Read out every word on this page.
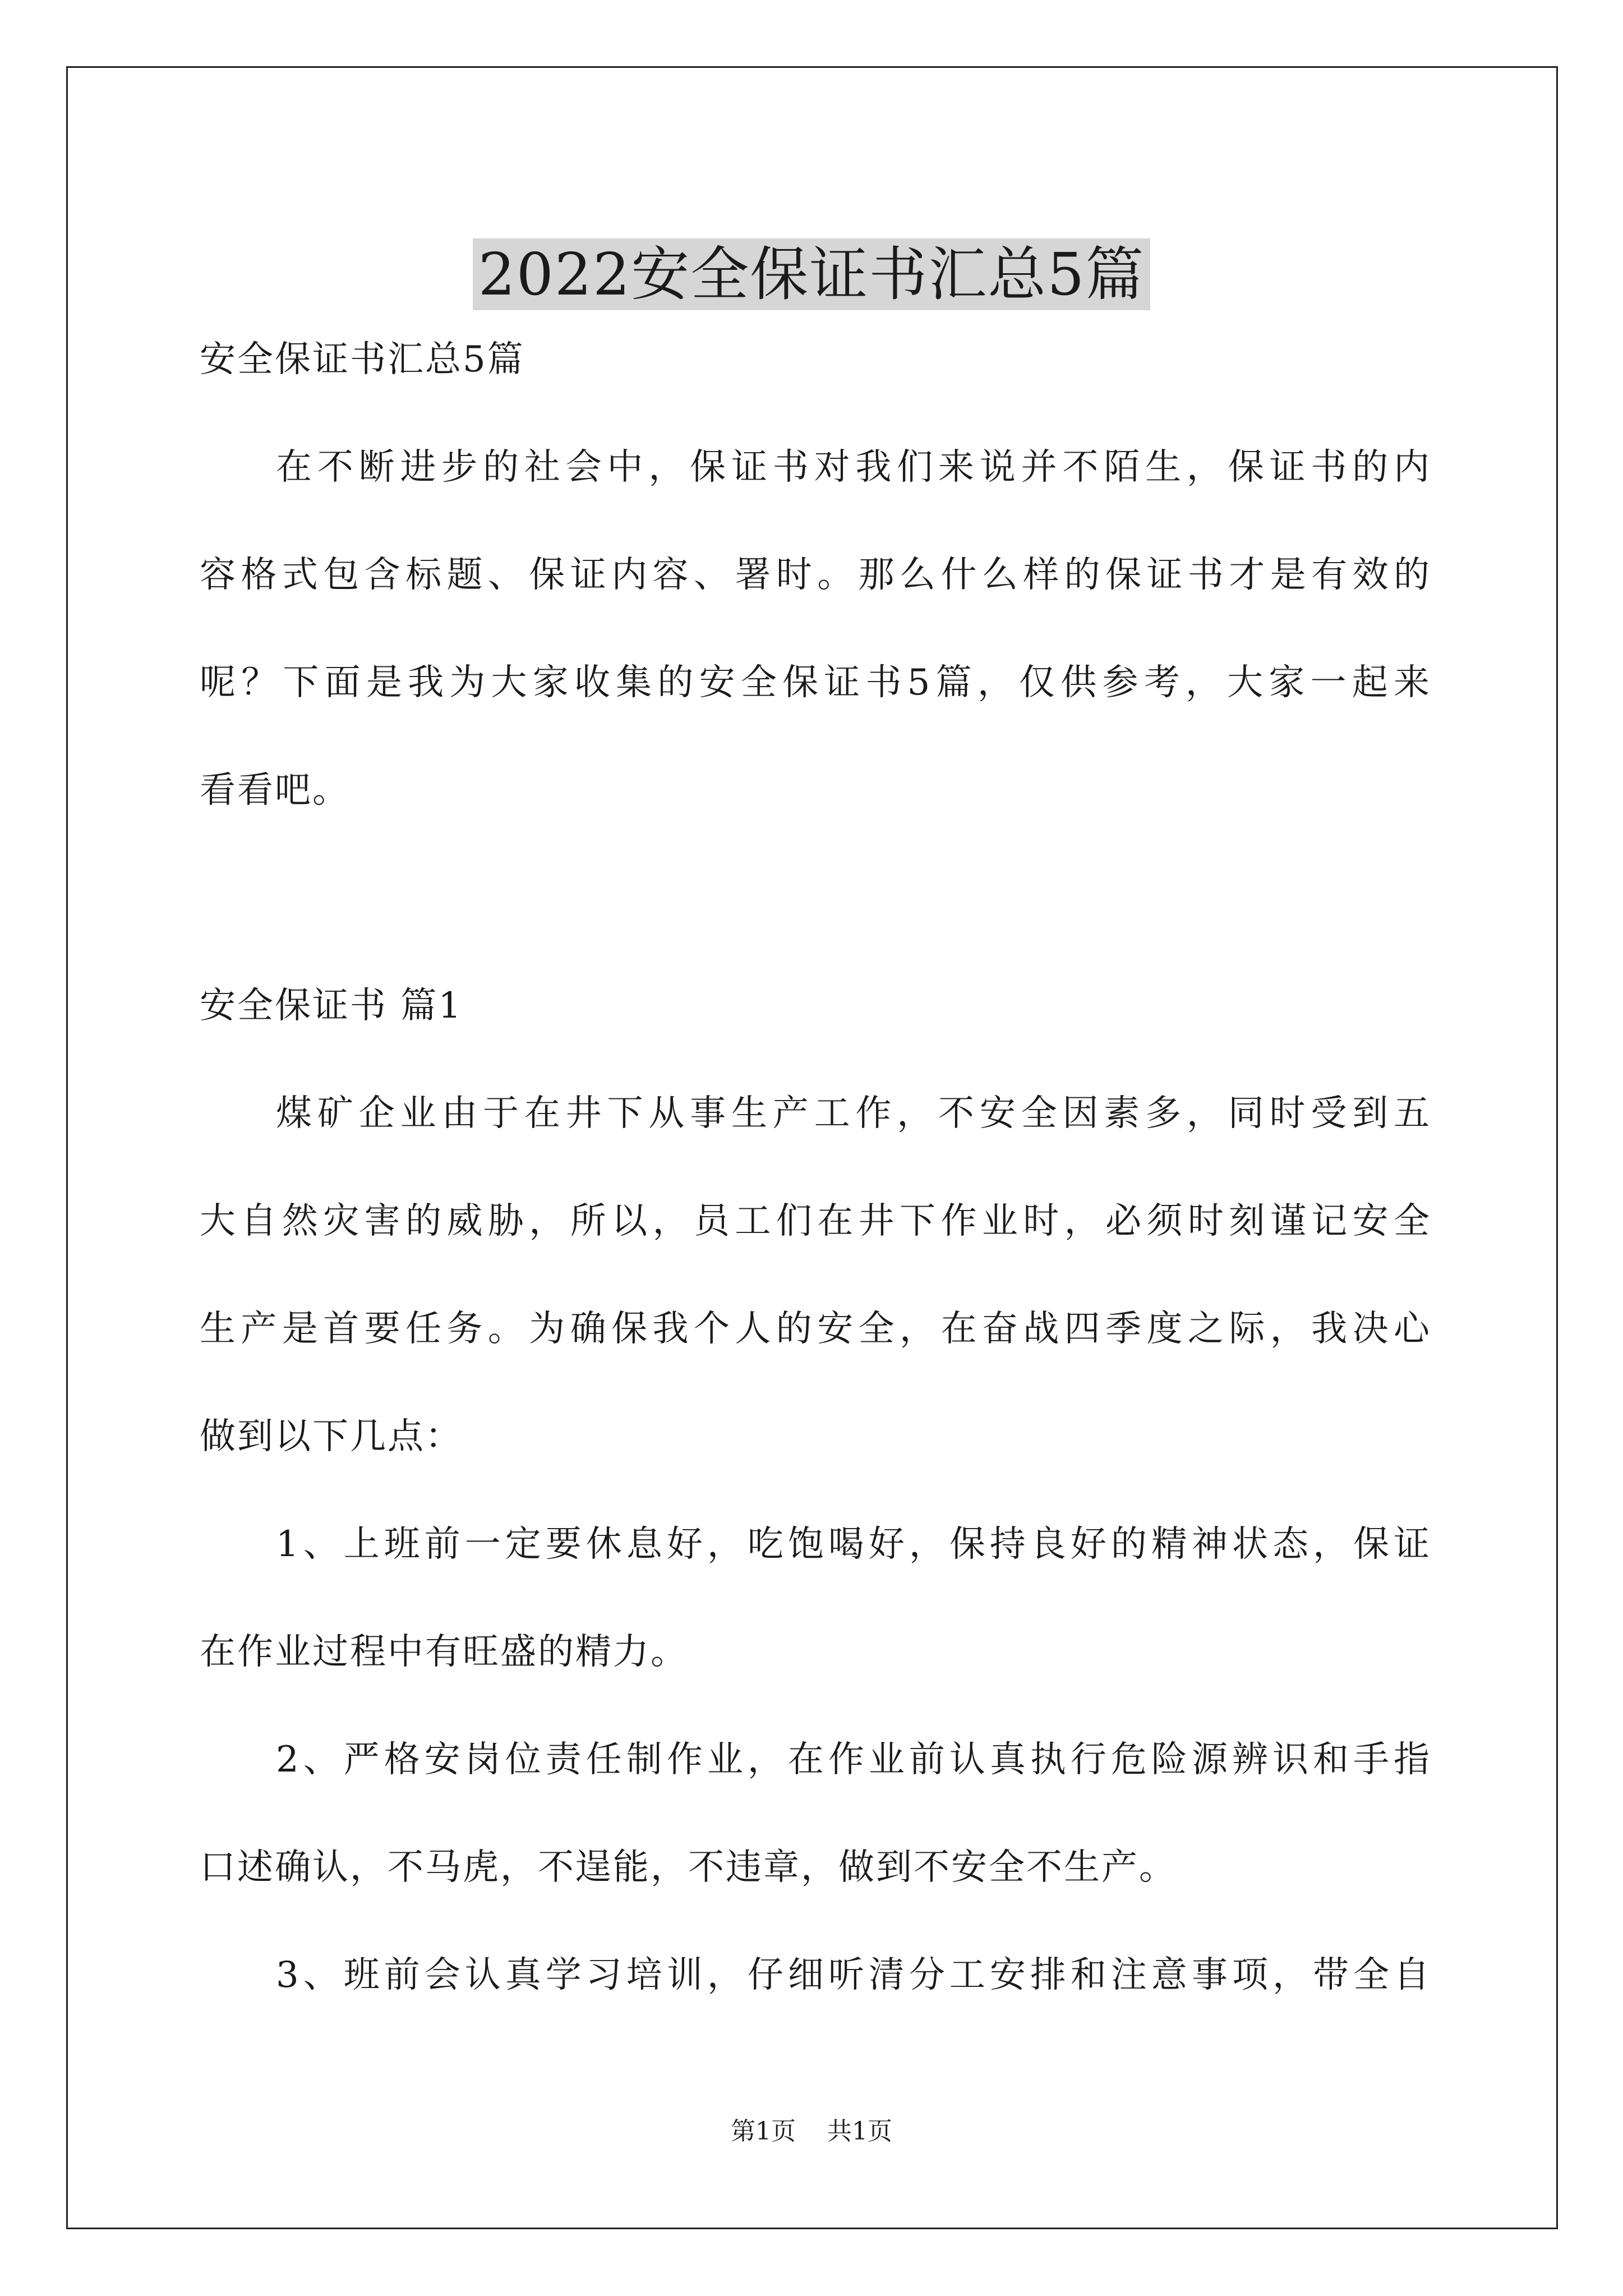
2022安全保证书汇总5篇
安全保证书汇总5篇
在不断进步的社会中，保证书对我们来说并不陌生，保证书的内
容格式包含标题、保证内容、署时。那么什么样的保证书才是有效的
呢？下面是我为大家收集的安全保证书5篇，仅供参考，大家一起来
看看吧。
安全保证书 篇1
煤矿企业由于在井下从事生产工作，不安全因素多，同时受到五
大自然灾害的威胁，所以，员工们在井下作业时，必须时刻谨记安全
生产是首要任务。为确保我个人的安全，在奋战四季度之际，我决心
做到以下几点：
1、上班前一定要休息好，吃饱喝好，保持良好的精神状态，保证
在作业过程中有旺盛的精力。
2、严格安岗位责任制作业，在作业前认真执行危险源辨识和手指
口述确认，不马虎，不逞能，不违章，做到不安全不生产。
3、班前会认真学习培训，仔细听清分工安排和注意事项，带全自
第1页 共1页
